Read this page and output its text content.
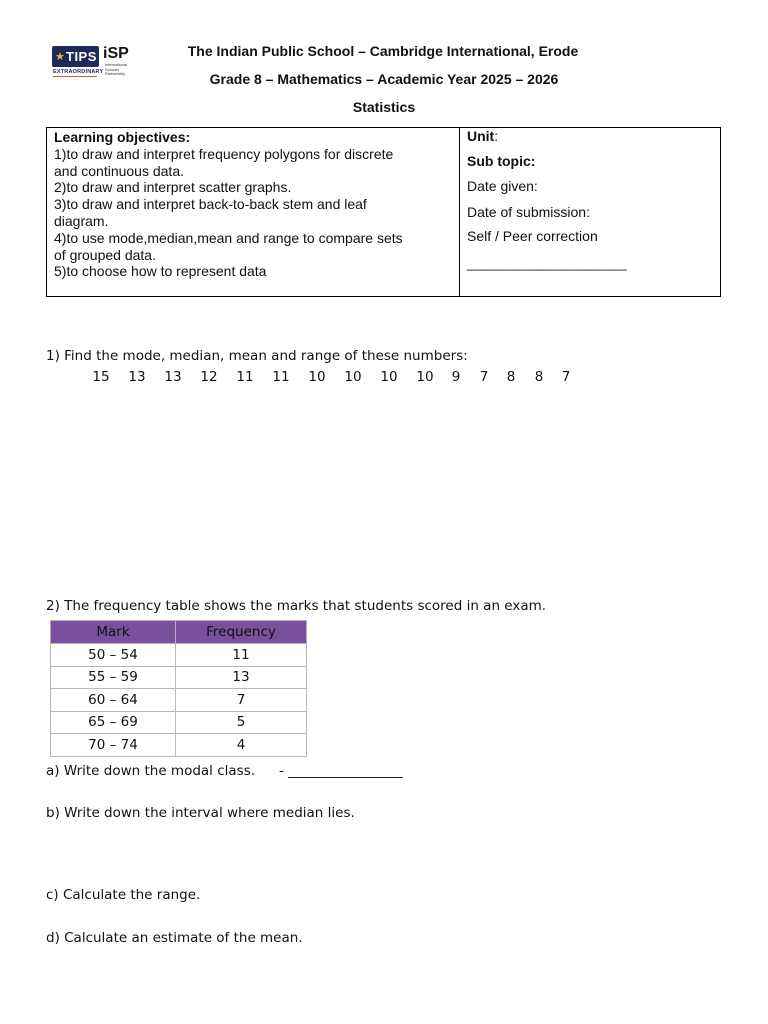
★ TIPS
EXTRAORDINARY
iSP
International Schools Partnership
The Indian Public School – Cambridge International, Erode
Grade 8 – Mathematics – Academic Year 2025 – 2026
Statistics
Learning objectives:
1)to draw and interpret frequency polygons for discrete
and continuous data.
2)to draw and interpret scatter graphs.
3)to draw and interpret back-to-back stem and leaf
diagram.
4)to use mode,median,mean and range to compare sets
of grouped data.
5)to choose how to represent data
Unit:
Sub topic:
Date given:
Date of submission:
Self / Peer correction
_______________________
1) Find the mode, median, mean and range of these numbers:
15 13 13 12 11 11 10 10 10 10 9 7 8 8 7
2) The frequency table shows the marks that students scored in an exam.
Mark	Frequency
50 – 54	11
55 – 59	13
60 – 64	7
65 – 69	5
70 – 74	4
a) Write down the modal class. - _________________
b) Write down the interval where median lies.
c) Calculate the range.
d) Calculate an estimate of the mean.
